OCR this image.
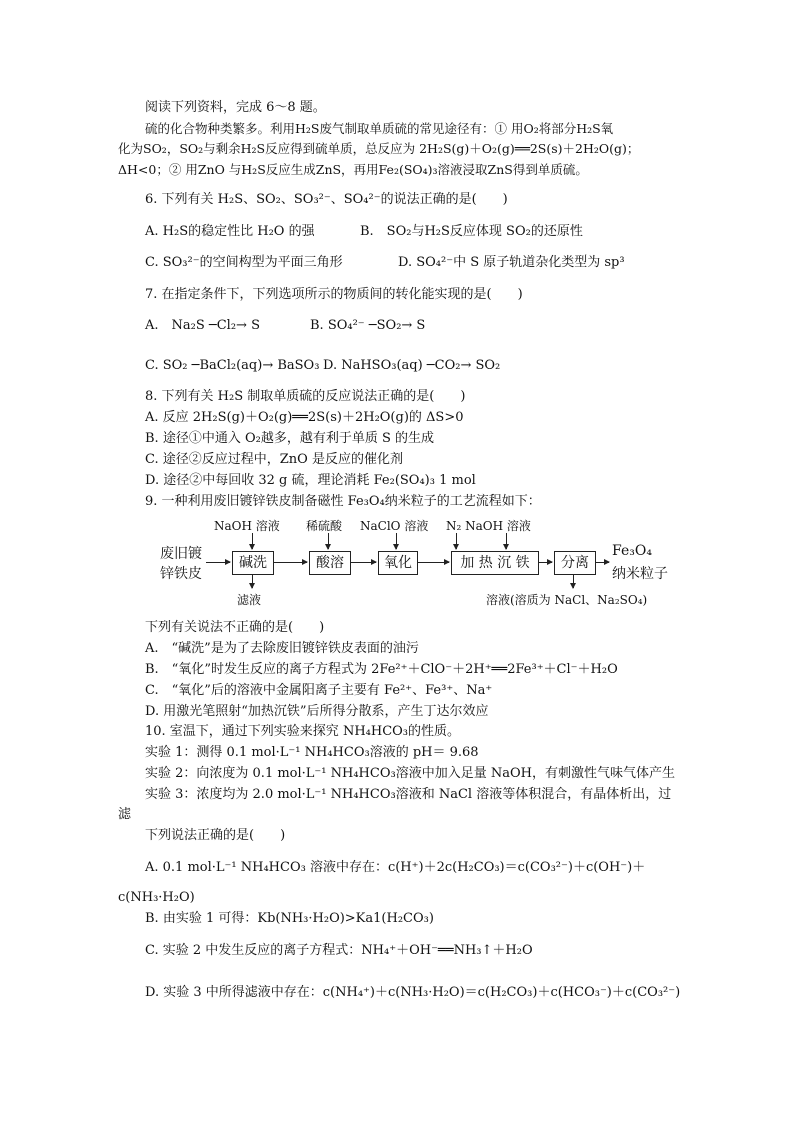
阅读下列资料，完成 6～8 题。
硫的化合物种类繁多。利用H₂S废气制取单质硫的常见途径有：① 用O₂将部分H₂S氧
化为SO₂，SO₂与剩余H₂S反应得到硫单质，总反应为 2H₂S(g)＋O₂(g)══2S(s)＋2H₂O(g)；
ΔH<0；② 用ZnO 与H₂S反应生成ZnS，再用Fe₂(SO₄)₃溶液浸取ZnS得到单质硫。
6. 下列有关 H₂S、SO₂、SO₃²⁻、SO₄²⁻的说法正确的是(　　)
A. H₂S的稳定性比 H₂O 的强	B.　SO₂与H₂S反应体现 SO₂的还原性
C. SO₃²⁻的空间构型为平面三角形	D. SO₄²⁻中 S 原子轨道杂化类型为 sp³
7. 在指定条件下，下列选项所示的物质间的转化能实现的是(　　)
A.　Na₂S ─Cl₂→ S	B. SO₄²⁻ ─SO₂→ S
C. SO₂ ─BaCl₂(aq)→ BaSO₃ D. NaHSO₃(aq) ─CO₂→ SO₂
8. 下列有关 H₂S 制取单质硫的反应说法正确的是(　　)
A. 反应 2H₂S(g)＋O₂(g)══2S(s)＋2H₂O(g)的 ΔS>0
B. 途径①中通入 O₂越多，越有利于单质 S 的生成
C. 途径②反应过程中，ZnO 是反应的催化剂
D. 途径②中每回收 32 g 硫，理论消耗 Fe₂(SO₄)₃ 1 mol
9. 一种利用废旧镀锌铁皮制备磁性 Fe₃O₄纳米粒子的工艺流程如下：
废旧镀
锌铁皮
NaOH 溶液 稀硫酸 NaClO 溶液 N₂ NaOH 溶液
碱洗	酸溶	氧化	加 热 沉 铁	分离
Fe₃O₄
纳米粒子
滤液	溶液(溶质为 NaCl、Na₂SO₄)
下列有关说法不正确的是(　　)
A.　“碱洗”是为了去除废旧镀锌铁皮表面的油污
B.　“氧化”时发生反应的离子方程式为 2Fe²⁺＋ClO⁻＋2H⁺══2Fe³⁺＋Cl⁻＋H₂O
C.　“氧化”后的溶液中金属阳离子主要有 Fe²⁺、Fe³⁺、Na⁺
D. 用激光笔照射“加热沉铁”后所得分散系，产生丁达尔效应
10. 室温下，通过下列实验来探究 NH₄HCO₃的性质。
实验 1：测得 0.1 mol·L⁻¹ NH₄HCO₃溶液的 pH＝ 9.68
实验 2：向浓度为 0.1 mol·L⁻¹ NH₄HCO₃溶液中加入足量 NaOH，有刺激性气味气体产生
实验 3：浓度均为 2.0 mol·L⁻¹ NH₄HCO₃溶液和 NaCl 溶液等体积混合，有晶体析出，过
滤
下列说法正确的是(　　)
A. 0.1 mol·L⁻¹ NH₄HCO₃ 溶液中存在：c(H⁺)＋2c(H₂CO₃)＝c(CO₃²⁻)＋c(OH⁻)＋
c(NH₃·H₂O)
B. 由实验 1 可得：Kb(NH₃·H₂O)>Ka1(H₂CO₃)
C. 实验 2 中发生反应的离子方程式：NH₄⁺＋OH⁻══NH₃↑＋H₂O
D. 实验 3 中所得滤液中存在：c(NH₄⁺)＋c(NH₃·H₂O)＝c(H₂CO₃)＋c(HCO₃⁻)＋c(CO₃²⁻)
